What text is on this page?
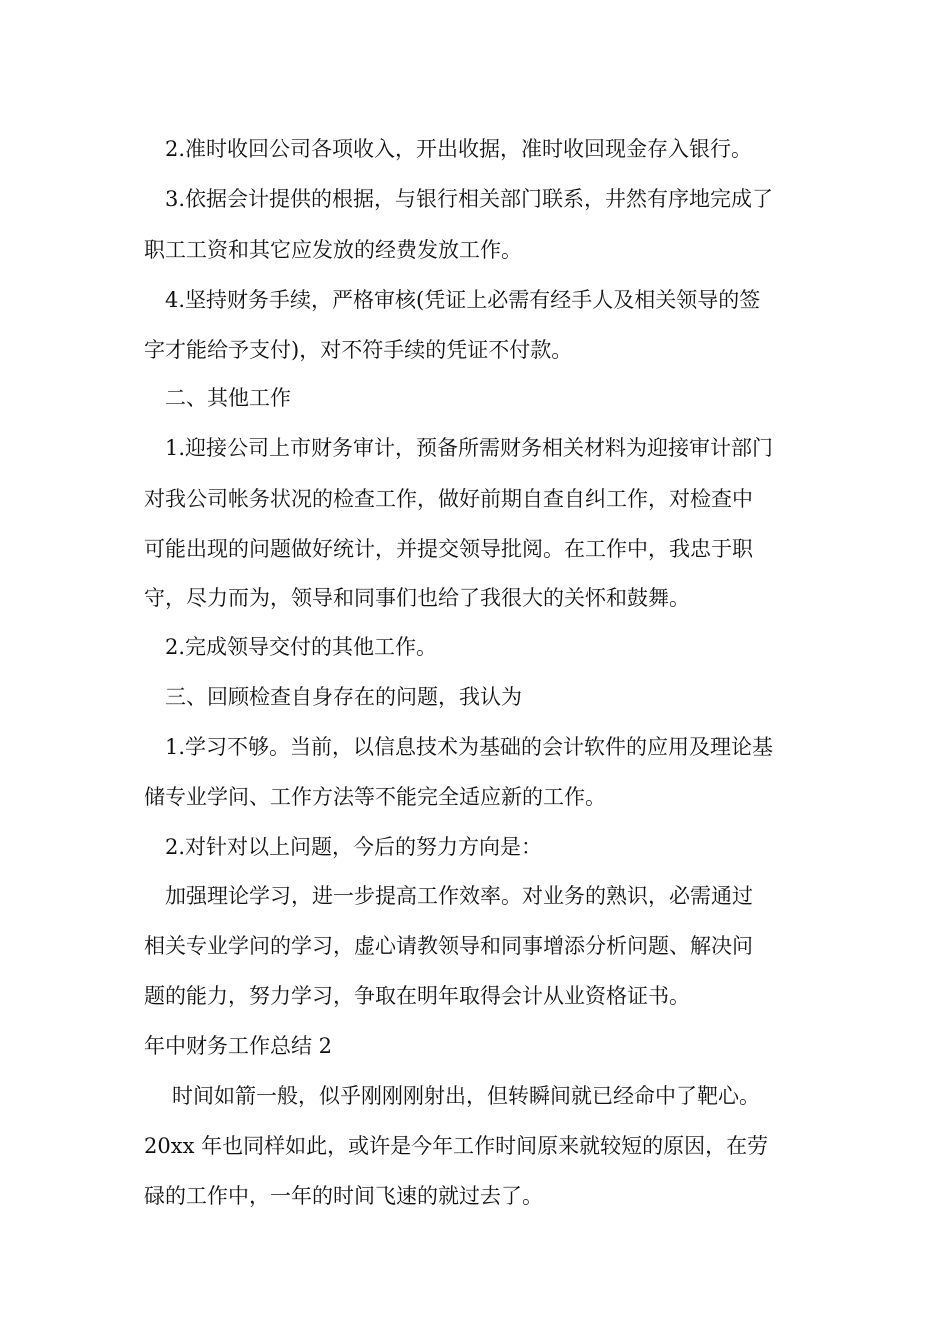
2.准时收回公司各项收入，开出收据，准时收回现金存入银行。
3.依据会计提供的根据，与银行相关部门联系，井然有序地完成了
职工工资和其它应发放的经费发放工作。
4.坚持财务手续，严格审核(凭证上必需有经手人及相关领导的签
字才能给予支付)，对不符手续的凭证不付款。
二、其他工作
1.迎接公司上市财务审计，预备所需财务相关材料为迎接审计部门
对我公司帐务状况的检查工作，做好前期自查自纠工作，对检查中
可能出现的问题做好统计，并提交领导批阅。在工作中，我忠于职
守，尽力而为，领导和同事们也给了我很大的关怀和鼓舞。
2.完成领导交付的其他工作。
三、回顾检查自身存在的问题，我认为
1.学习不够。当前，以信息技术为基础的会计软件的应用及理论基
储专业学问、工作方法等不能完全适应新的工作。
2.对针对以上问题，今后的努力方向是：
加强理论学习，进一步提高工作效率。对业务的熟识，必需通过
相关专业学问的学习，虚心请教领导和同事增添分析问题、解决问
题的能力，努力学习，争取在明年取得会计从业资格证书。
年中财务工作总结 2
时间如箭一般，似乎刚刚刚射出，但转瞬间就已经命中了靶心。
20xx 年也同样如此，或许是今年工作时间原来就较短的原因，在劳
碌的工作中，一年的时间飞速的就过去了。
